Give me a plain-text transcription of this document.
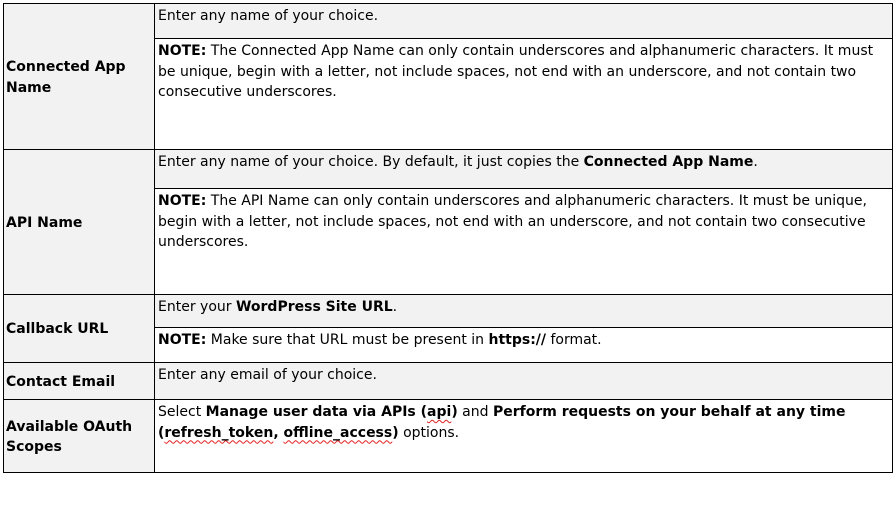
Connected App Name	Enter any name of your choice.
	NOTE: The Connected App Name can only contain underscores and alphanumeric characters. It must be unique, begin with a letter, not include spaces, not end with an underscore, and not contain two consecutive underscores.
API Name	Enter any name of your choice. By default, it just copies the Connected App Name.
	NOTE: The API Name can only contain underscores and alphanumeric characters. It must be unique, begin with a letter, not include spaces, not end with an underscore, and not contain two consecutive underscores.
Callback URL	Enter your WordPress Site URL.
	NOTE: Make sure that URL must be present in https:// format.
Contact Email	Enter any email of your choice.
Available OAuth Scopes	Select Manage user data via APIs (api) and Perform requests on your behalf at any time (refresh_token, offline_access) options.
